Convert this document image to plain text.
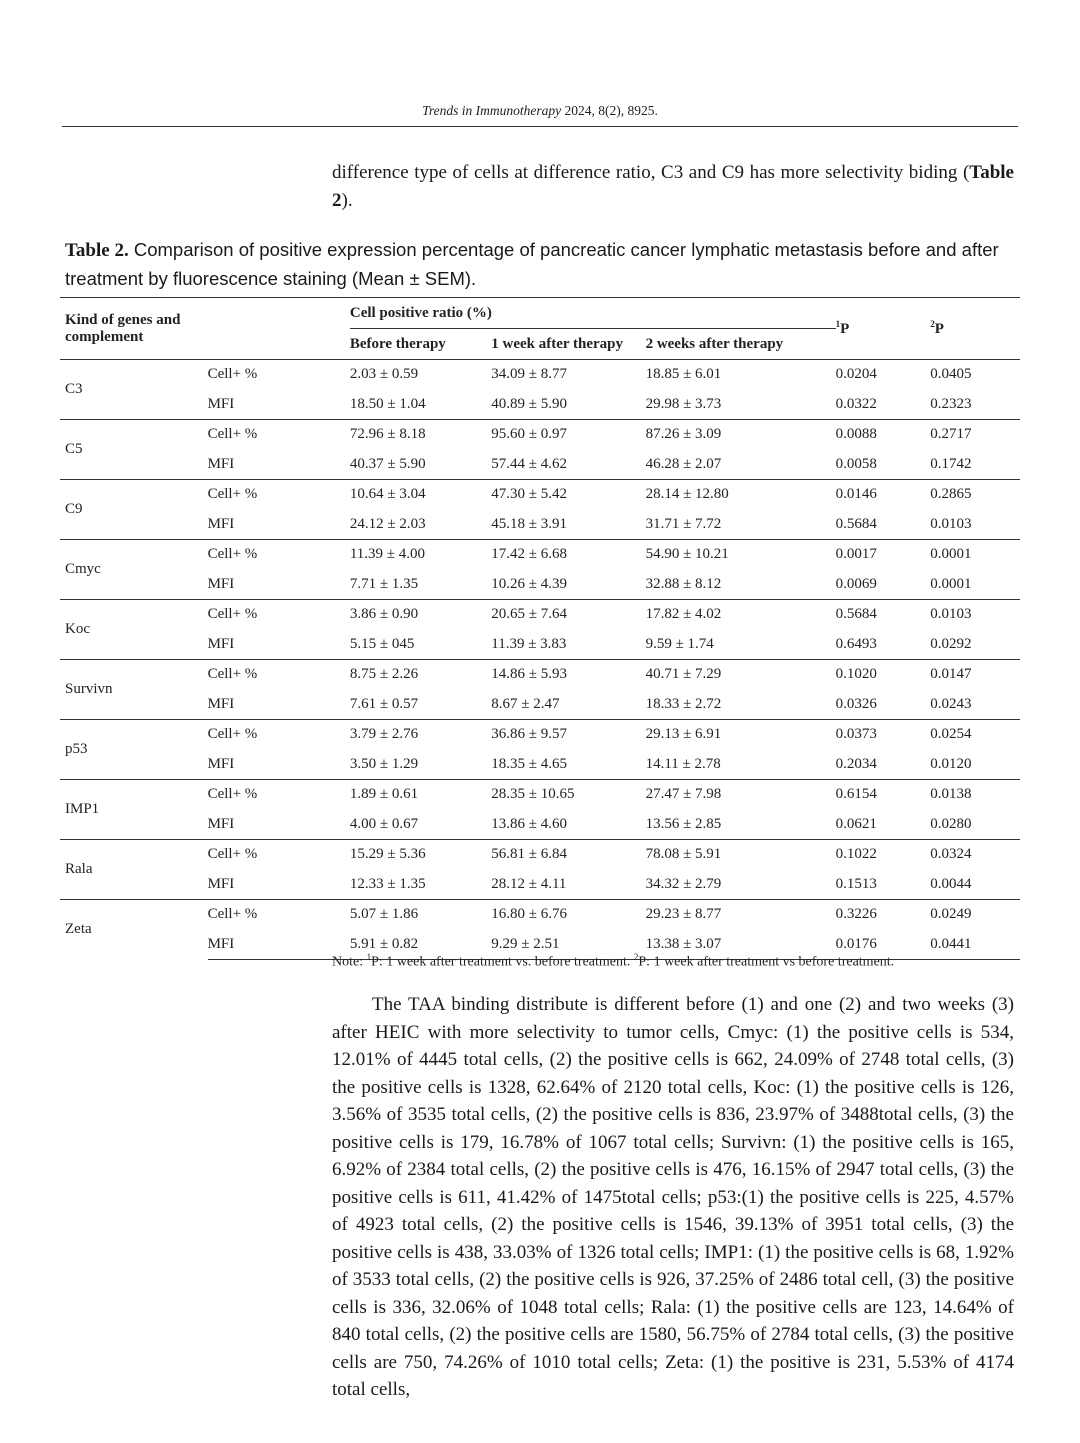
Trends in Immunotherapy 2024, 8(2), 8925.

difference type of cells at difference ratio, C3 and C9 has more selectivity biding (Table 2).

Table 2. Comparison of positive expression percentage of pancreatic cancer lymphatic metastasis before and after treatment by fluorescence staining (Mean ± SEM).
Kind of genes and complement		Cell positive ratio (%)			$^1$P	$^2$P
		Before therapy	1 week after therapy	2 weeks after therapy		
C3	Cell+ %	2.03 ± 0.59	34.09 ± 8.77	18.85 ± 6.01	0.0204	0.0405
	MFI	18.50 ± 1.04	40.89 ± 5.90	29.98 ± 3.73	0.0322	0.2323
C5	Cell+ %	72.96 ± 8.18	95.60 ± 0.97	87.26 ± 3.09	0.0088	0.2717
	MFI	40.37 ± 5.90	57.44 ± 4.62	46.28 ± 2.07	0.0058	0.1742
C9	Cell+ %	10.64 ± 3.04	47.30 ± 5.42	28.14 ± 12.80	0.0146	0.2865
	MFI	24.12 ± 2.03	45.18 ± 3.91	31.71 ± 7.72	0.5684	0.0103
Cmyc	Cell+ %	11.39 ± 4.00	17.42 ± 6.68	54.90 ± 10.21	0.0017	0.0001
	MFI	7.71 ± 1.35	10.26 ± 4.39	32.88 ± 8.12	0.0069	0.0001
Koc	Cell+ %	3.86 ± 0.90	20.65 ± 7.64	17.82 ± 4.02	0.5684	0.0103
	MFI	5.15 ± 045	11.39 ± 3.83	9.59 ± 1.74	0.6493	0.0292
Survivn	Cell+ %	8.75 ± 2.26	14.86 ± 5.93	40.71 ± 7.29	0.1020	0.0147
	MFI	7.61 ± 0.57	8.67 ± 2.47	18.33 ± 2.72	0.0326	0.0243
p53	Cell+ %	3.79 ± 2.76	36.86 ± 9.57	29.13 ± 6.91	0.0373	0.0254
	MFI	3.50 ± 1.29	18.35 ± 4.65	14.11 ± 2.78	0.2034	0.0120
IMP1	Cell+ %	1.89 ± 0.61	28.35 ± 10.65	27.47 ± 7.98	0.6154	0.0138
	MFI	4.00 ± 0.67	13.86 ± 4.60	13.56 ± 2.85	0.0621	0.0280
Rala	Cell+ %	15.29 ± 5.36	56.81 ± 6.84	78.08 ± 5.91	0.1022	0.0324
	MFI	12.33 ± 1.35	28.12 ± 4.11	34.32 ± 2.79	0.1513	0.0044
Zeta	Cell+ %	5.07 ± 1.86	16.80 ± 6.76	29.23 ± 8.77	0.3226	0.0249
	MFI	5.91 ± 0.82	9.29 ± 2.51	13.38 ± 3.07	0.0176	0.0441
Note: $^1$P: 1 week after treatment vs. before treatment. $^2$P: 1 week after treatment vs before treatment.

The TAA binding distribute is different before (1) and one (2) and two weeks (3) after HEIC with more selectivity to tumor cells, Cmyc: (1) the positive cells is 534, 12.01% of 4445 total cells, (2) the positive cells is 662, 24.09% of 2748 total cells, (3) the positive cells is 1328, 62.64% of 2120 total cells, Koc: (1) the positive cells is 126, 3.56% of 3535 total cells, (2) the positive cells is 836, 23.97% of 3488total cells, (3) the positive cells is 179, 16.78% of 1067 total cells; Survivn: (1) the positive cells is 165, 6.92% of 2384 total cells, (2) the positive cells is 476, 16.15% of 2947 total cells, (3) the positive cells is 611, 41.42% of 1475total cells; p53:(1) the positive cells is 225, 4.57% of 4923 total cells, (2) the positive cells is 1546, 39.13% of 3951 total cells, (3) the positive cells is 438, 33.03% of 1326 total cells; IMP1: (1) the positive cells is 68, 1.92% of 3533 total cells, (2) the positive cells is 926, 37.25% of 2486 total cell, (3) the positive cells is 336, 32.06% of 1048 total cells; Rala: (1) the positive cells are 123, 14.64% of 840 total cells, (2) the positive cells are 1580, 56.75% of 2784 total cells, (3) the positive cells are 750, 74.26% of 1010 total cells; Zeta: (1) the positive is 231, 5.53% of 4174 total cells,
